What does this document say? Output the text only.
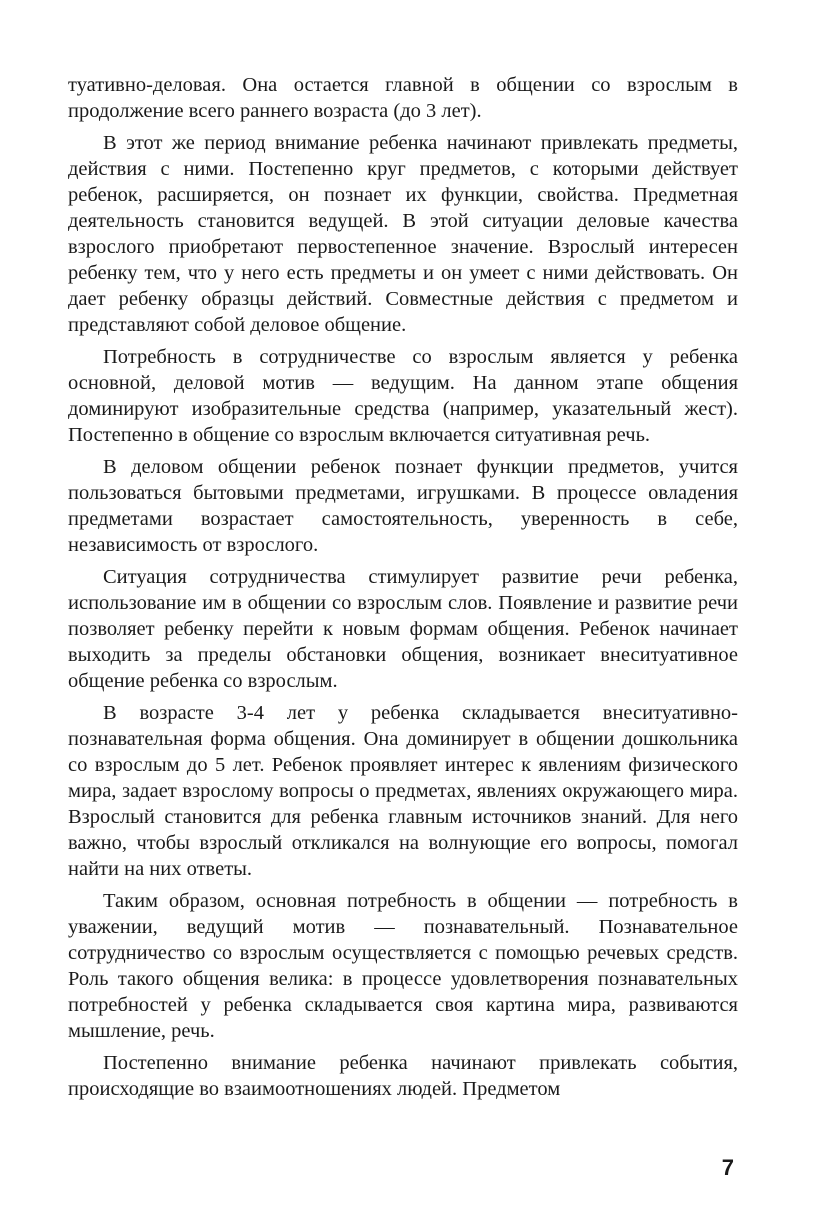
туативно-деловая. Она остается главной в общении со взрослым в продолжение всего раннего возраста (до 3 лет).

В этот же период внимание ребенка начинают привлекать предметы, действия с ними. Постепенно круг предметов, с которыми действует ребенок, расширяется, он познает их функции, свойства. Предметная деятельность становится ведущей. В этой ситуации деловые качества взрослого приобретают первостепенное значение. Взрослый интересен ребенку тем, что у него есть предметы и он умеет с ними действовать. Он дает ребенку образцы действий. Совместные действия с предметом и представляют собой деловое общение.

Потребность в сотрудничестве со взрослым является у ребенка основной, деловой мотив — ведущим. На данном этапе общения доминируют изобразительные средства (например, указательный жест). Постепенно в общение со взрослым включается ситуативная речь.

В деловом общении ребенок познает функции предметов, учится пользоваться бытовыми предметами, игрушками. В процессе овладения предметами возрастает самостоятельность, уверенность в себе, независимость от взрослого.

Ситуация сотрудничества стимулирует развитие речи ребенка, использование им в общении со взрослым слов. Появление и развитие речи позволяет ребенку перейти к новым формам общения. Ребенок начинает выходить за пределы обстановки общения, возникает внеситуативное общение ребенка со взрослым.

В возрасте 3-4 лет у ребенка складывается внеситуативно-познавательная форма общения. Она доминирует в общении дошкольника со взрослым до 5 лет. Ребенок проявляет интерес к явлениям физического мира, задает взрослому вопросы о предметах, явлениях окружающего мира. Взрослый становится для ребенка главным источников знаний. Для него важно, чтобы взрослый откликался на волнующие его вопросы, помогал найти на них ответы.

Таким образом, основная потребность в общении — потребность в уважении, ведущий мотив — познавательный. Познавательное сотрудничество со взрослым осуществляется с помощью речевых средств. Роль такого общения велика: в процессе удовлетворения познавательных потребностей у ребенка складывается своя картина мира, развиваются мышление, речь.

Постепенно внимание ребенка начинают привлекать события, происходящие во взаимоотношениях людей. Предметом

7
